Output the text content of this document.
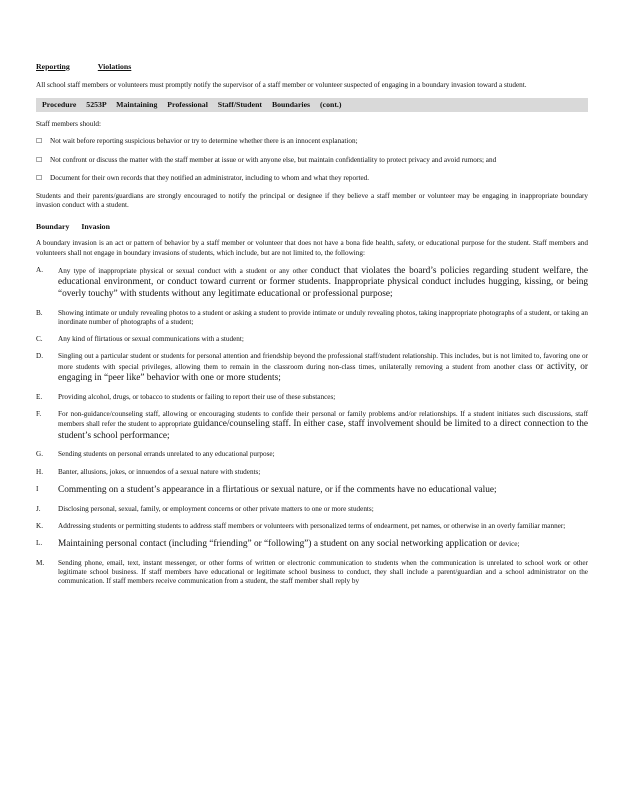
Reporting	Violations
All school staff members or volunteers must promptly notify the supervisor of a staff member or volunteer suspected of engaging in a boundary invasion toward a student.
Procedure 5253P Maintaining Professional Staff/Student Boundaries (cont.)
Staff members should:
☐	Not wait before reporting suspicious behavior or try to determine whether there is an innocent explanation;
☐	Not confront or discuss the matter with the staff member at issue or with anyone else, but maintain confidentiality to protect privacy and avoid rumors; and
☐	Document for their own records that they notified an administrator, including to whom and what they reported.
Students and their parents/guardians are strongly encouraged to notify the principal or designee if they believe a staff member or volunteer may be engaging in inappropriate boundary invasion conduct with a student.
Boundary Invasion
A boundary invasion is an act or pattern of behavior by a staff member or volunteer that does not have a bona fide health, safety, or educational purpose for the student. Staff members and volunteers shall not engage in boundary invasions of students, which include, but are not limited to, the following:
A.	Any type of inappropriate physical or sexual conduct with a student or any other conduct that violates the board’s policies regarding student welfare, the educational environment, or conduct toward current or former students. Inappropriate physical conduct includes hugging, kissing, or being “overly touchy” with students without any legitimate educational or professional purpose;
B.	Showing intimate or unduly revealing photos to a student or asking a student to provide intimate or unduly revealing photos, taking inappropriate photographs of a student, or taking an inordinate number of photographs of a student;
C.	Any kind of flirtatious or sexual communications with a student;
D.	Singling out a particular student or students for personal attention and friendship beyond the professional staff/student relationship. This includes, but is not limited to, favoring one or more students with special privileges, allowing them to remain in the classroom during non-class times, unilaterally removing a student from another class or activity, or engaging in “peer like” behavior with one or more students;
E.	Providing alcohol, drugs, or tobacco to students or failing to report their use of these substances;
F.	For non-guidance/counseling staff, allowing or encouraging students to confide their personal or family problems and/or relationships. If a student initiates such discussions, staff members shall refer the student to appropriate guidance/counseling staff. In either case, staff involvement should be limited to a direct connection to the student’s school performance;
G.	Sending students on personal errands unrelated to any educational purpose;
H.	Banter, allusions, jokes, or innuendos of a sexual nature with students;
I	Commenting on a student’s appearance in a flirtatious or sexual nature, or if the comments have no educational value;
J.	Disclosing personal, sexual, family, or employment concerns or other private matters to one or more students;
K.	Addressing students or permitting students to address staff members or volunteers with personalized terms of endearment, pet names, or otherwise in an overly familiar manner;
L.	Maintaining personal contact (including “friending” or “following”) a student on any social networking application or device;
M.	Sending phone, email, text, instant messenger, or other forms of written or electronic communication to students when the communication is unrelated to school work or other legitimate school business. If staff members have educational or legitimate school business to conduct, they shall include a parent/guardian and a school administrator on the communication. If staff members receive communication from a student, the staff member shall reply by
